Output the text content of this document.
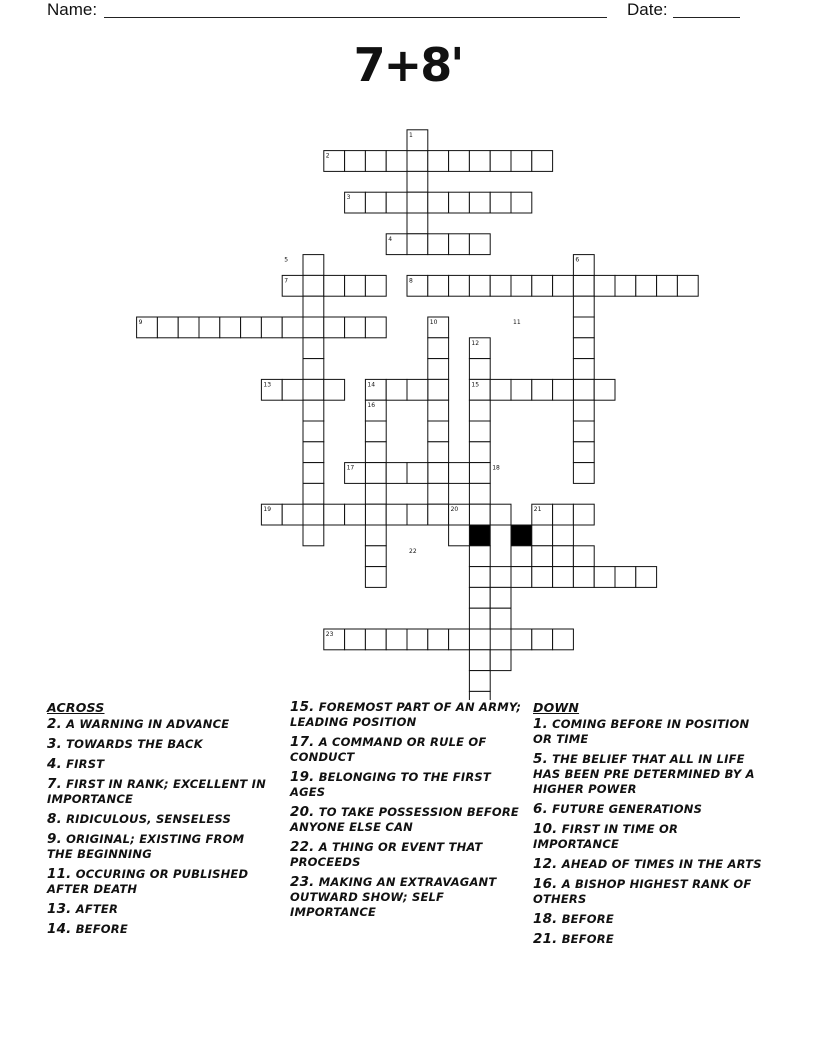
Name:	Date:
7+8'
1
2
3
4
5	6
7	8
9	10	11
12
13	14	15
16
17	18
19	20	21
22
23
ACROSS
2. A WARNING IN ADVANCE
3. TOWARDS THE BACK
4. FIRST
7. FIRST IN RANK; EXCELLENT IN IMPORTANCE
8. RIDICULOUS, SENSELESS
9. ORIGINAL; EXISTING FROM THE BEGINNING
11. OCCURING OR PUBLISHED AFTER DEATH
13. AFTER
14. BEFORE
15. FOREMOST PART OF AN ARMY; LEADING POSITION
17. A COMMAND OR RULE OF CONDUCT
19. BELONGING TO THE FIRST AGES
20. TO TAKE POSSESSION BEFORE ANYONE ELSE CAN
22. A THING OR EVENT THAT PROCEEDS
23. MAKING AN EXTRAVAGANT OUTWARD SHOW; SELF IMPORTANCE
DOWN
1. COMING BEFORE IN POSITION OR TIME
5. THE BELIEF THAT ALL IN LIFE HAS BEEN PRE DETERMINED BY A HIGHER POWER
6. FUTURE GENERATIONS
10. FIRST IN TIME OR IMPORTANCE
12. AHEAD OF TIMES IN THE ARTS
16. A BISHOP HIGHEST RANK OF OTHERS
18. BEFORE
21. BEFORE
